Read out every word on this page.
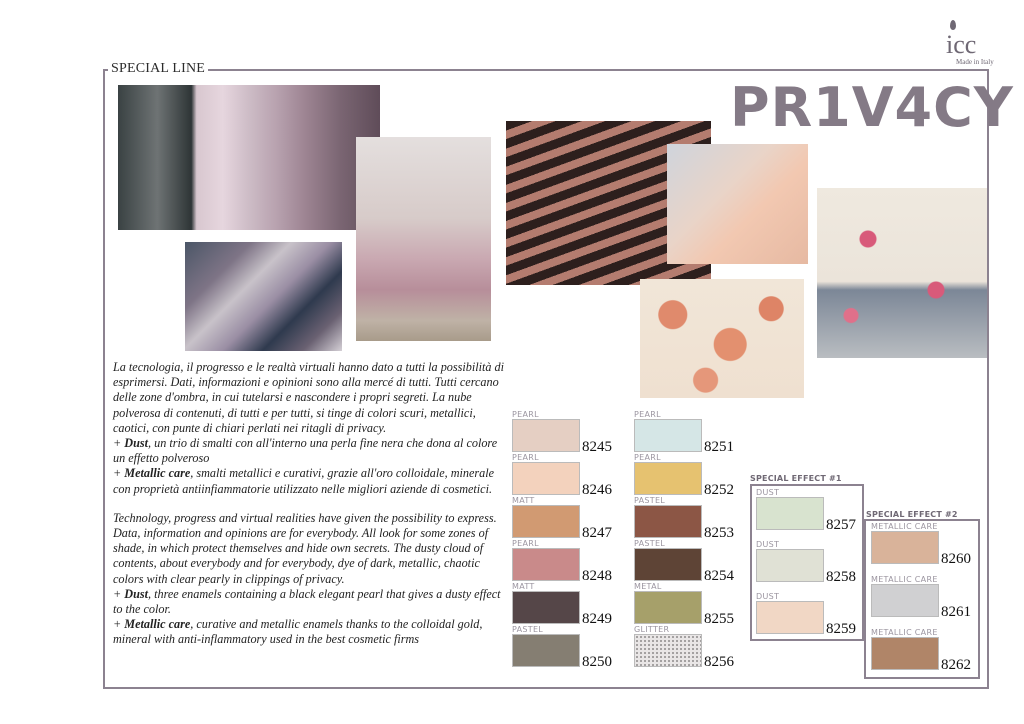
icc
Made in Italy
SPECIAL LINE
PR1V4CY

La tecnologia, il progresso e le realtà virtuali hanno dato a tutti la possibilità di esprimersi. Dati, informazioni e opinioni sono alla mercé di tutti. Tutti cercano delle zone d'ombra, in cui tutelarsi e nascondere i propri segreti. La nube polverosa di contenuti, di tutti e per tutti, si tinge di colori scuri, metallici, caotici, con punte di chiari perlati nei ritagli di privacy.

+ Dust, un trio di smalti con all'interno una perla fine nera che dona al colore un effetto polveroso

+ Metallic care, smalti metallici e curativi, grazie all'oro colloidale, minerale con proprietà antiinfiammatorie utilizzato nelle migliori aziende di cosmetici.

Technology, progress and virtual realities have given the possibility to express. Data, information and opinions are for everybody. All look for some zones of shade, in which protect themselves and hide own secrets. The dusty cloud of contents, about everybody and for everybody, dye of dark, metallic, chaotic colors with clear pearly in clippings of privacy.

+ Dust, three enamels containing a black elegant pearl that gives a dusty effect to the color.

+ Metallic care, curative and metallic enamels thanks to the colloidal gold, mineral with anti-inflammatory used in the best cosmetic firms

PEARL
8245
PEARL
8246
MATT
8247
PEARL
8248
MATT
8249
PASTEL
8250
PEARL
8251
PEARL
8252
PASTEL
8253
PASTEL
8254
METAL
8255
GLITTER
8256
SPECIAL EFFECT #1
DUST
8257
DUST
8258
DUST
8259
SPECIAL EFFECT #2
METALLIC CARE
8260
METALLIC CARE
8261
METALLIC CARE
8262
